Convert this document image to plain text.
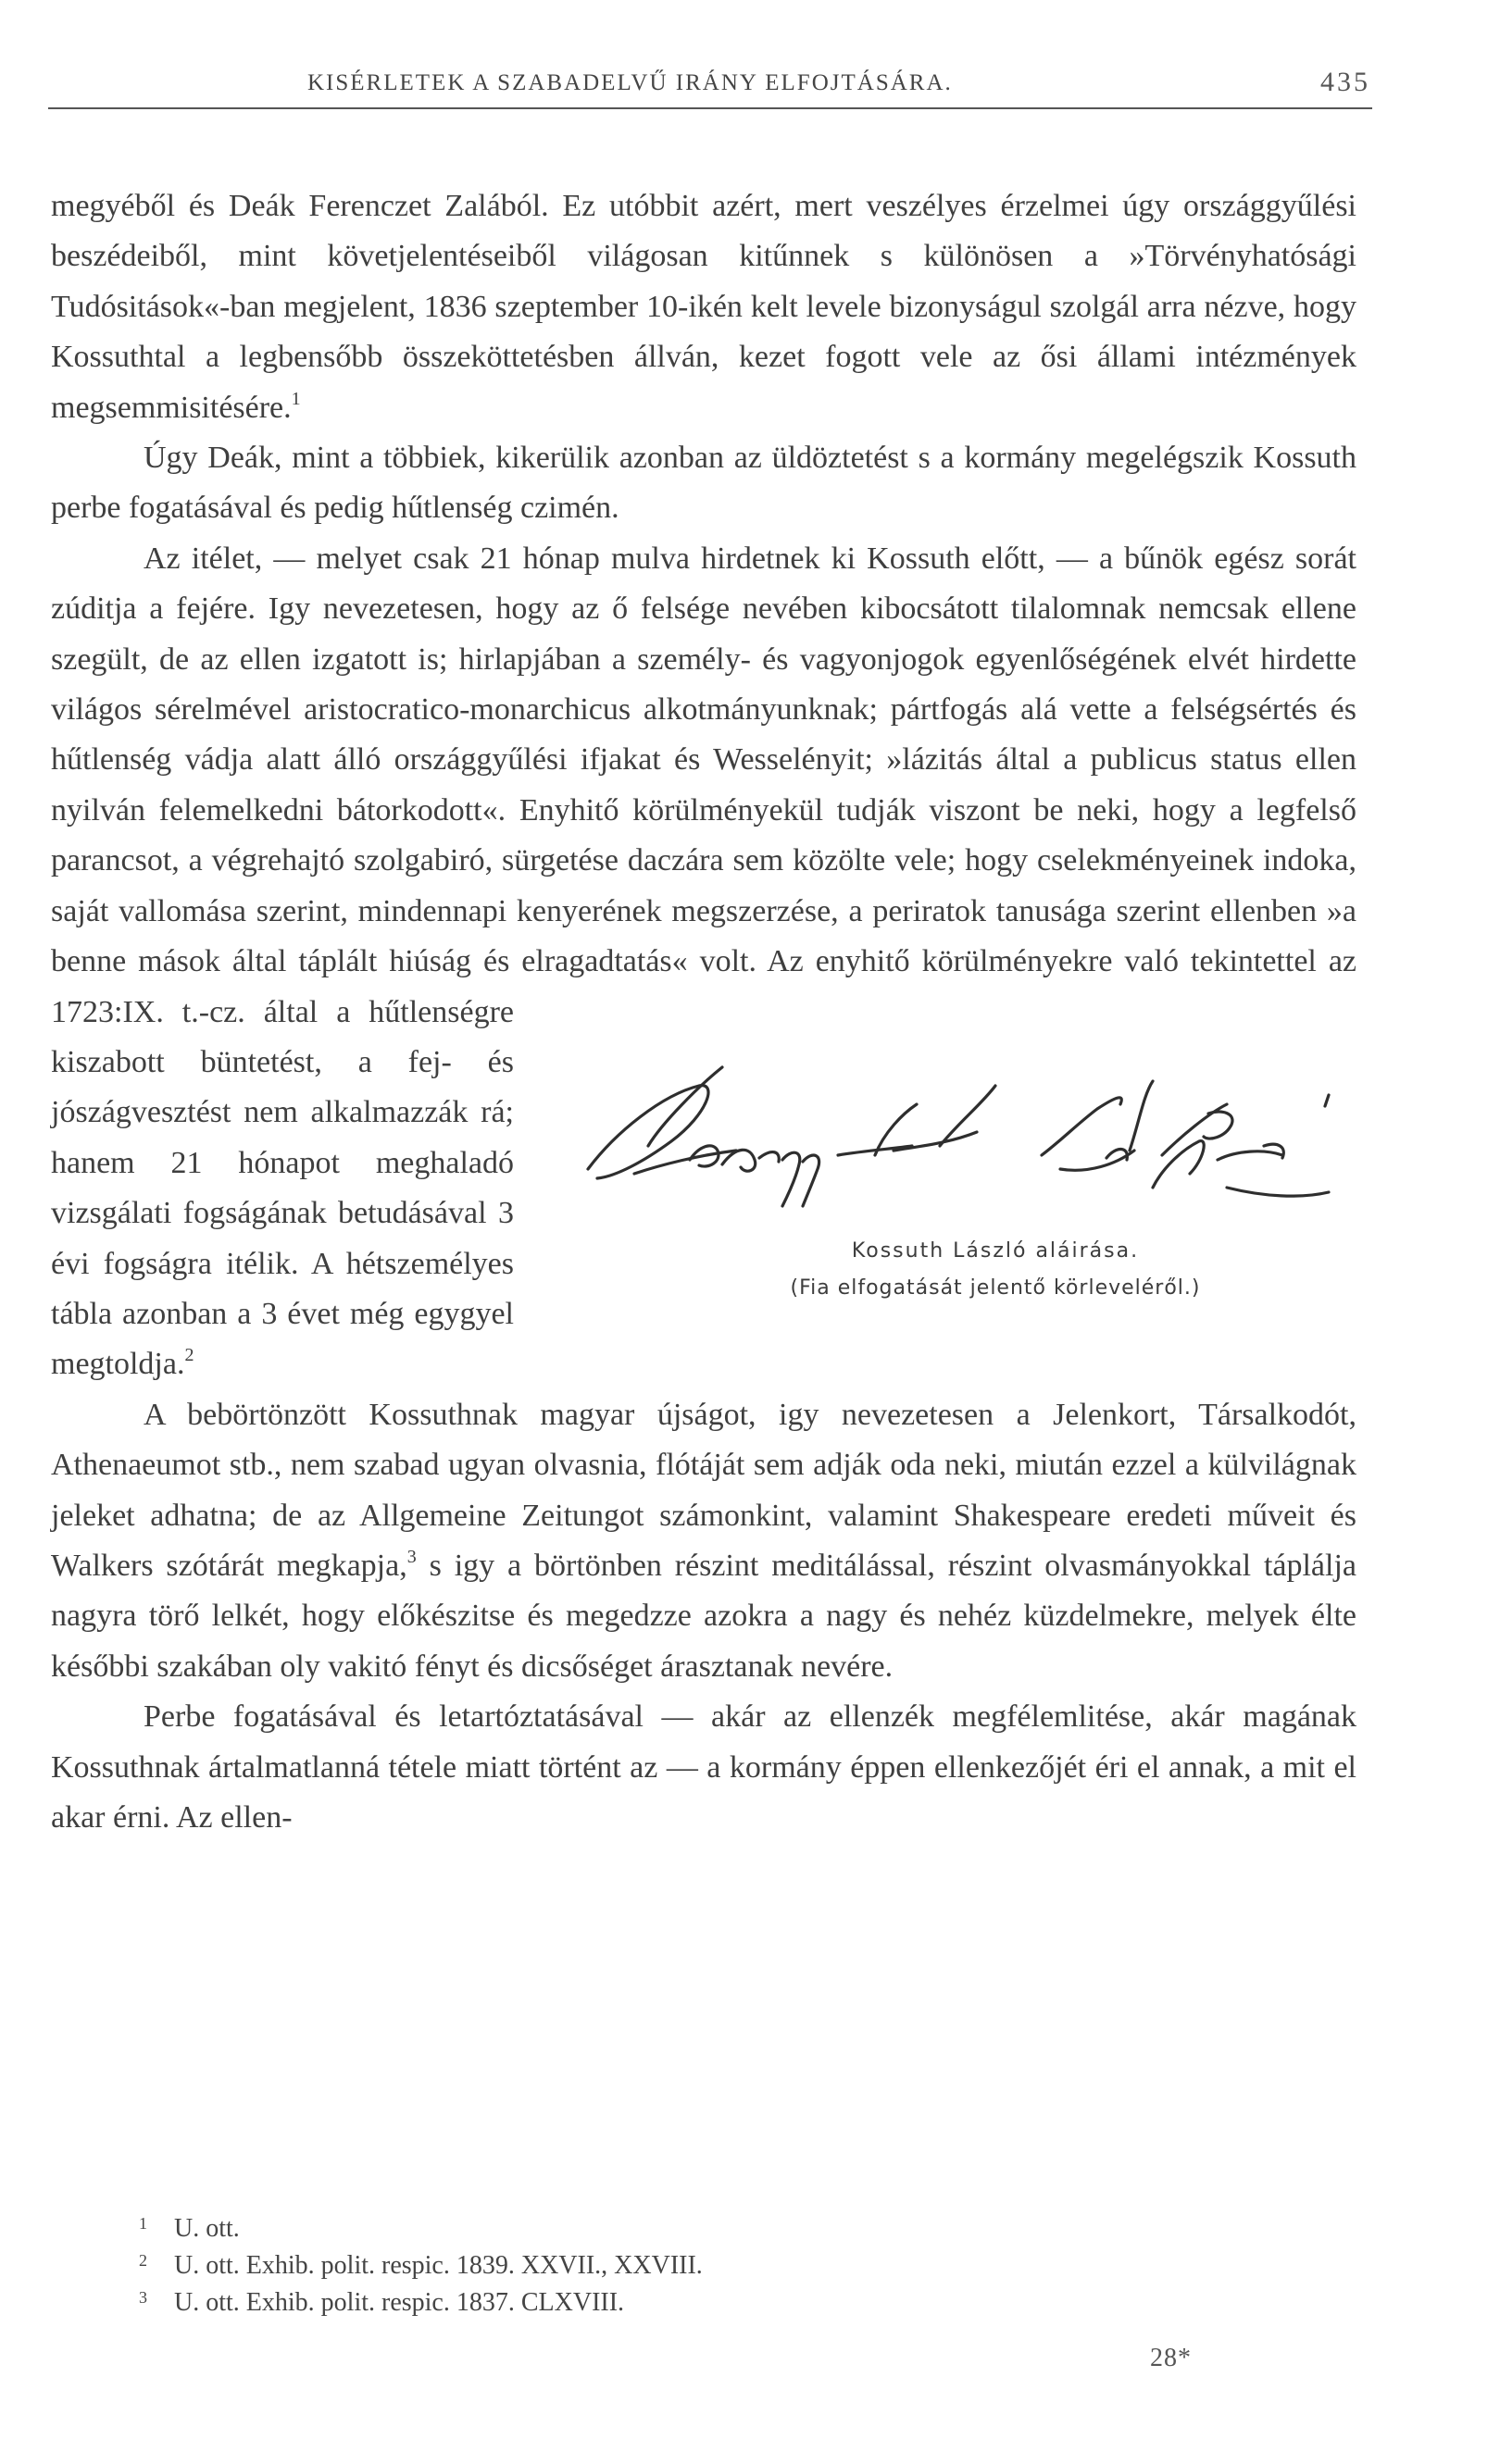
KISÉRLETEK A SZABADELVŰ IRÁNY ELFOJTÁSÁRA.	435

megyéből és Deák Ferenczet Zalából. Ez utóbbit azért, mert veszélyes érzelmei úgy országgyűlési beszédeiből, mint követjelentéseiből világosan kitűnnek s különösen a »Törvényhatósági Tudósitások«-ban megjelent, 1836 szeptember 10-ikén kelt levele bizonyságul szolgál arra nézve, hogy Kossuthtal a legbensőbb összeköttetésben állván, kezet fogott vele az ősi állami intézmények megsemmisitésére.$^1$

Úgy Deák, mint a többiek, kikerülik azonban az üldöztetést s a kormány megelégszik Kossuth perbe fogatásával és pedig hűtlenség czimén.

Kossuth László aláirása.
(Fia elfogatását jelentő körleveléről.)
Az itélet, — melyet csak 21 hónap mulva hirdetnek ki Kossuth előtt, — a bűnök egész sorát zúditja a fejére. Igy nevezetesen, hogy az ő felsége nevében kibocsátott tilalomnak nemcsak ellene szegült, de az ellen izgatott is; hirlapjában a személy- és vagyonjogok egyenlőségének elvét hirdette világos sérelmével aristocratico-monarchicus alkotmányunknak; pártfogás alá vette a felségsértés és hűtlenség vádja alatt álló országgyűlési ifjakat és Wesselényit; »lázitás által a publicus status ellen nyilván felemelkedni bátorkodott«. Enyhitő körülményekül tudják viszont be neki, hogy a legfelső parancsot, a végrehajtó szolgabiró, sürgetése daczára sem közölte vele; hogy cselekményeinek indoka, saját vallomása szerint, mindennapi kenyerének megszerzése, a periratok tanusága szerint ellenben »a benne mások által táplált hiúság és elragadtatás« volt. Az enyhitő körülményekre való tekintettel az 1723:IX. t.-cz. által a hűtlenségre kiszabott büntetést, a fej- és jószágvesztést nem alkalmazzák rá; hanem 21 hónapot meghaladó vizsgálati fogságának betudásával 3 évi fogságra itélik. A hétszemélyes tábla azonban a 3 évet még egygyel megtoldja.$^2$

A bebörtönzött Kossuthnak magyar újságot, igy nevezetesen a Jelenkort, Társalkodót, Athenaeumot stb., nem szabad ugyan olvasnia, flótáját sem adják oda neki, miután ezzel a külvilágnak jeleket adhatna; de az Allgemeine Zeitungot számonkint, valamint Shakespeare eredeti műveit és Walkers szótárát megkapja,$^3$ s igy a börtönben részint meditálással, részint olvasmányokkal táplálja nagyra törő lelkét, hogy előkészitse és megedzze azokra a nagy és nehéz küzdelmekre, melyek élte későbbi szakában oly vakitó fényt és dicsőséget árasztanak nevére.

Perbe fogatásával és letartóztatásával — akár az ellenzék megfélemlitése, akár magának Kossuthnak ártalmatlanná tétele miatt történt az — a kormány éppen ellenkezőjét éri el annak, a mit el akar érni. Az ellen-

1 U. ott.
2 U. ott. Exhib. polit. respic. 1839. XXVII., XXVIII.
3 U. ott. Exhib. polit. respic. 1837. CLXVIII.
28*
